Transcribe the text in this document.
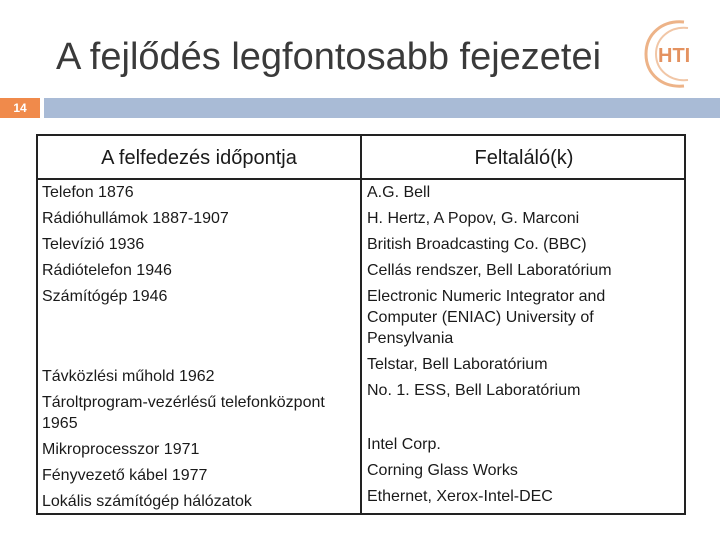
A fejlődés legfontosabb fejezetei	HTI
14
A felfedezés időpontja	Feltaláló(k)
Telefon 1876
Rádióhullámok 1887-1907
Televízió 1936
Rádiótelefon 1946
Számítógép 1946
Távközlési műhold 1962
Tároltprogram-vezérlésű telefonközpont 1965
Mikroprocesszor 1971
Fényvezető kábel 1977
Lokális számítógép hálózatok
A.G. Bell
H. Hertz, A Popov, G. Marconi
British Broadcasting Co. (BBC)
Cellás rendszer, Bell Laboratórium
Electronic Numeric Integrator and Computer (ENIAC) University of Pensylvania
Telstar, Bell Laboratórium
No. 1. ESS, Bell Laboratórium
Intel Corp.
Corning Glass Works
Ethernet, Xerox-Intel-DEC
